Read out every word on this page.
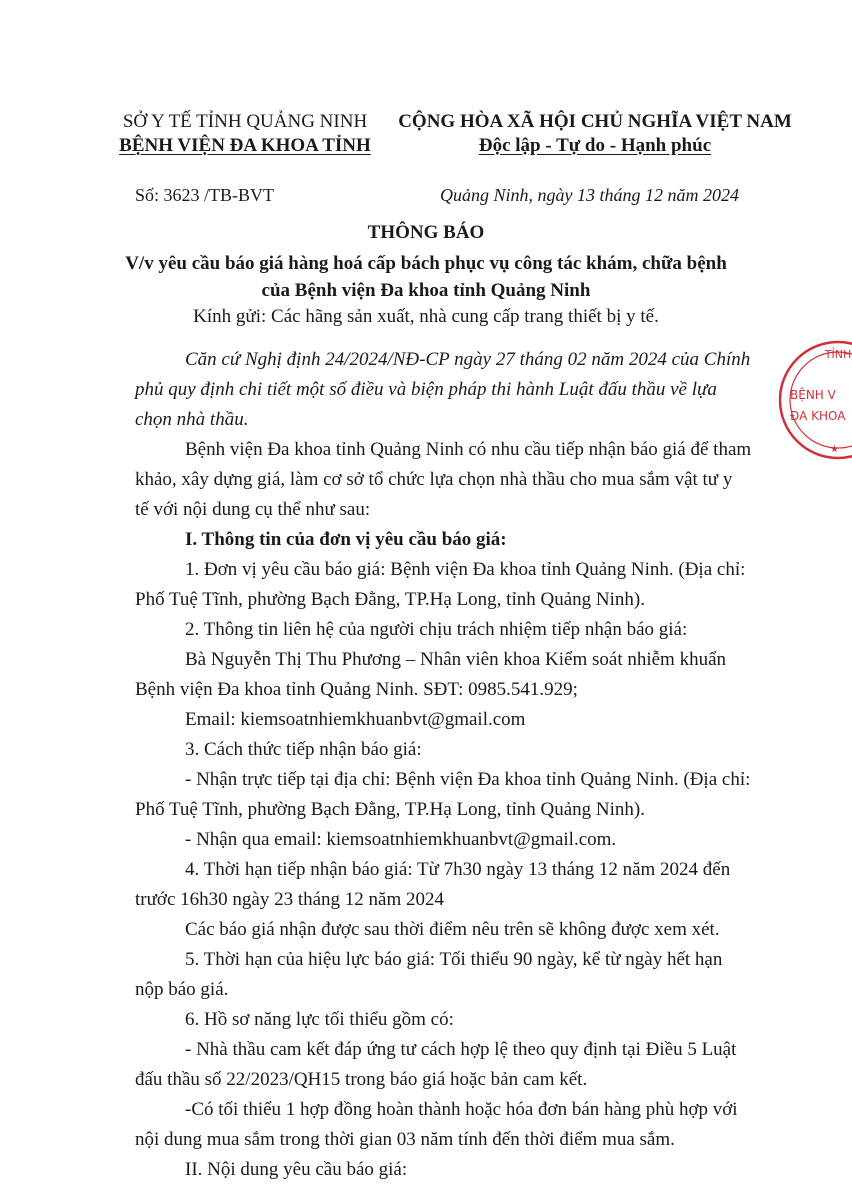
SỞ Y TẾ TỈNH QUẢNG NINH
BỆNH VIỆN ĐA KHOA TỈNH
CỘNG HÒA XÃ HỘI CHỦ NGHĨA VIỆT NAM
Độc lập - Tự do - Hạnh phúc
Số: 3623 /TB-BVT	Quảng Ninh, ngày 13 tháng 12 năm 2024
THÔNG BÁO
V/v yêu cầu báo giá hàng hoá cấp bách phục vụ công tác khám, chữa bệnh
của Bệnh viện Đa khoa tỉnh Quảng Ninh
Kính gửi: Các hãng sản xuất, nhà cung cấp trang thiết bị y tế.
Căn cứ Nghị định 24/2024/NĐ-CP ngày 27 tháng 02 năm 2024 của Chính
phủ quy định chi tiết một số điều và biện pháp thi hành Luật đấu thầu về lựa
chọn nhà thầu.
Bệnh viện Đa khoa tỉnh Quảng Ninh có nhu cầu tiếp nhận báo giá để tham
khảo, xây dựng giá, làm cơ sở tổ chức lựa chọn nhà thầu cho mua sắm vật tư y
tế với nội dung cụ thể như sau:
I. Thông tin của đơn vị yêu cầu báo giá:
1. Đơn vị yêu cầu báo giá: Bệnh viện Đa khoa tỉnh Quảng Ninh. (Địa chỉ:
Phố Tuệ Tĩnh, phường Bạch Đằng, TP.Hạ Long, tỉnh Quảng Ninh).
2. Thông tin liên hệ của người chịu trách nhiệm tiếp nhận báo giá:
Bà Nguyễn Thị Thu Phương – Nhân viên khoa Kiểm soát nhiễm khuẩn
Bệnh viện Đa khoa tỉnh Quảng Ninh. SĐT: 0985.541.929;
Email: kiemsoatnhiemkhuanbvt@gmail.com
3. Cách thức tiếp nhận báo giá:
- Nhận trực tiếp tại địa chỉ: Bệnh viện Đa khoa tỉnh Quảng Ninh. (Địa chỉ:
Phố Tuệ Tĩnh, phường Bạch Đằng, TP.Hạ Long, tỉnh Quảng Ninh).
- Nhận qua email: kiemsoatnhiemkhuanbvt@gmail.com.
4. Thời hạn tiếp nhận báo giá: Từ 7h30 ngày 13 tháng 12 năm 2024 đến
trước 16h30 ngày 23 tháng 12 năm 2024
Các báo giá nhận được sau thời điểm nêu trên sẽ không được xem xét.
5. Thời hạn của hiệu lực báo giá: Tối thiểu 90 ngày, kể từ ngày hết hạn
nộp báo giá.
6. Hồ sơ năng lực tối thiểu gồm có:
- Nhà thầu cam kết đáp ứng tư cách hợp lệ theo quy định tại Điều 5 Luật
đấu thầu số 22/2023/QH15 trong báo giá hoặc bản cam kết.
-Có tối thiểu 1 hợp đồng hoàn thành hoặc hóa đơn bán hàng phù hợp với
nội dung mua sắm trong thời gian 03 năm tính đến thời điểm mua sắm.
II. Nội dung yêu cầu báo giá:
TỈNH
BỆNH V
ĐA KHOA
★
